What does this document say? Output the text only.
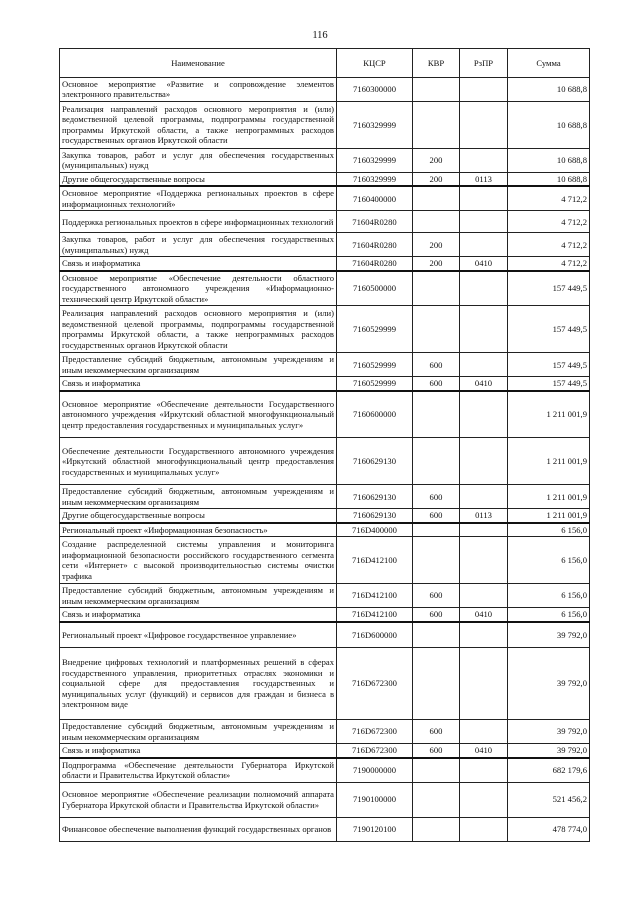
116
Наименование	КЦСР	КВР	РзПР	Сумма
Основное мероприятие «Развитие и сопровождение элементов электронного правительства»	7160300000			10 688,8
Реализация направлений расходов основного мероприятия и (или) ведомственной целевой программы, подпрограммы государственной программы Иркутской области, а также непрограммных расходов государственных органов Иркутской области	7160329999			10 688,8
Закупка товаров, работ и услуг для обеспечения государственных (муниципальных) нужд	7160329999	200		10 688,8
Другие общегосударственные вопросы	7160329999	200	0113	10 688,8
Основное мероприятие «Поддержка региональных проектов в сфере информационных технологий»	7160400000			4 712,2
Поддержка региональных проектов в сфере информационных технологий	71604R0280			4 712,2
Закупка товаров, работ и услуг для обеспечения государственных (муниципальных) нужд	71604R0280	200		4 712,2
Связь и информатика	71604R0280	200	0410	4 712,2
Основное мероприятие «Обеспечение деятельности областного государственного автономного учреждения «Информационно-технический центр Иркутской области»	7160500000			157 449,5
Реализация направлений расходов основного мероприятия и (или) ведомственной целевой программы, подпрограммы государственной программы Иркутской области, а также непрограммных расходов государственных органов Иркутской области	7160529999			157 449,5
Предоставление субсидий бюджетным, автономным учреждениям и иным некоммерческим организациям	7160529999	600		157 449,5
Связь и информатика	7160529999	600	0410	157 449,5
Основное мероприятие «Обеспечение деятельности Государственного автономного учреждения «Иркутский областной многофункциональный центр предоставления государственных и муниципальных услуг»	7160600000			1 211 001,9
Обеспечение деятельности Государственного автономного учреждения «Иркутский областной многофункциональный центр предоставления государственных и муниципальных услуг»	7160629130			1 211 001,9
Предоставление субсидий бюджетным, автономным учреждениям и иным некоммерческим организациям	7160629130	600		1 211 001,9
Другие общегосударственные вопросы	7160629130	600	0113	1 211 001,9
Региональный проект «Информационная безопасность»	716D400000			6 156,0
Создание распределенной системы управления и мониторинга информационной безопасности российского государственного сегмента сети «Интернет» с высокой производительностью системы очистки трафика	716D412100			6 156,0
Предоставление субсидий бюджетным, автономным учреждениям и иным некоммерческим организациям	716D412100	600		6 156,0
Связь и информатика	716D412100	600	0410	6 156,0
Региональный проект «Цифровое государственное управление»	716D600000			39 792,0
Внедрение цифровых технологий и платформенных решений в сферах государственного управления, приоритетных отраслях экономики и социальной сфере для предоставления государственных и муниципальных услуг (функций) и сервисов для граждан и бизнеса в электронном виде	716D672300			39 792,0
Предоставление субсидий бюджетным, автономным учреждениям и иным некоммерческим организациям	716D672300	600		39 792,0
Связь и информатика	716D672300	600	0410	39 792,0
Подпрограмма «Обеспечение деятельности Губернатора Иркутской области и Правительства Иркутской области»	7190000000			682 179,6
Основное мероприятие «Обеспечение реализации полномочий аппарата Губернатора Иркутской области и Правительства Иркутской области»	7190100000			521 456,2
Финансовое обеспечение выполнения функций государственных органов	7190120100			478 774,0
